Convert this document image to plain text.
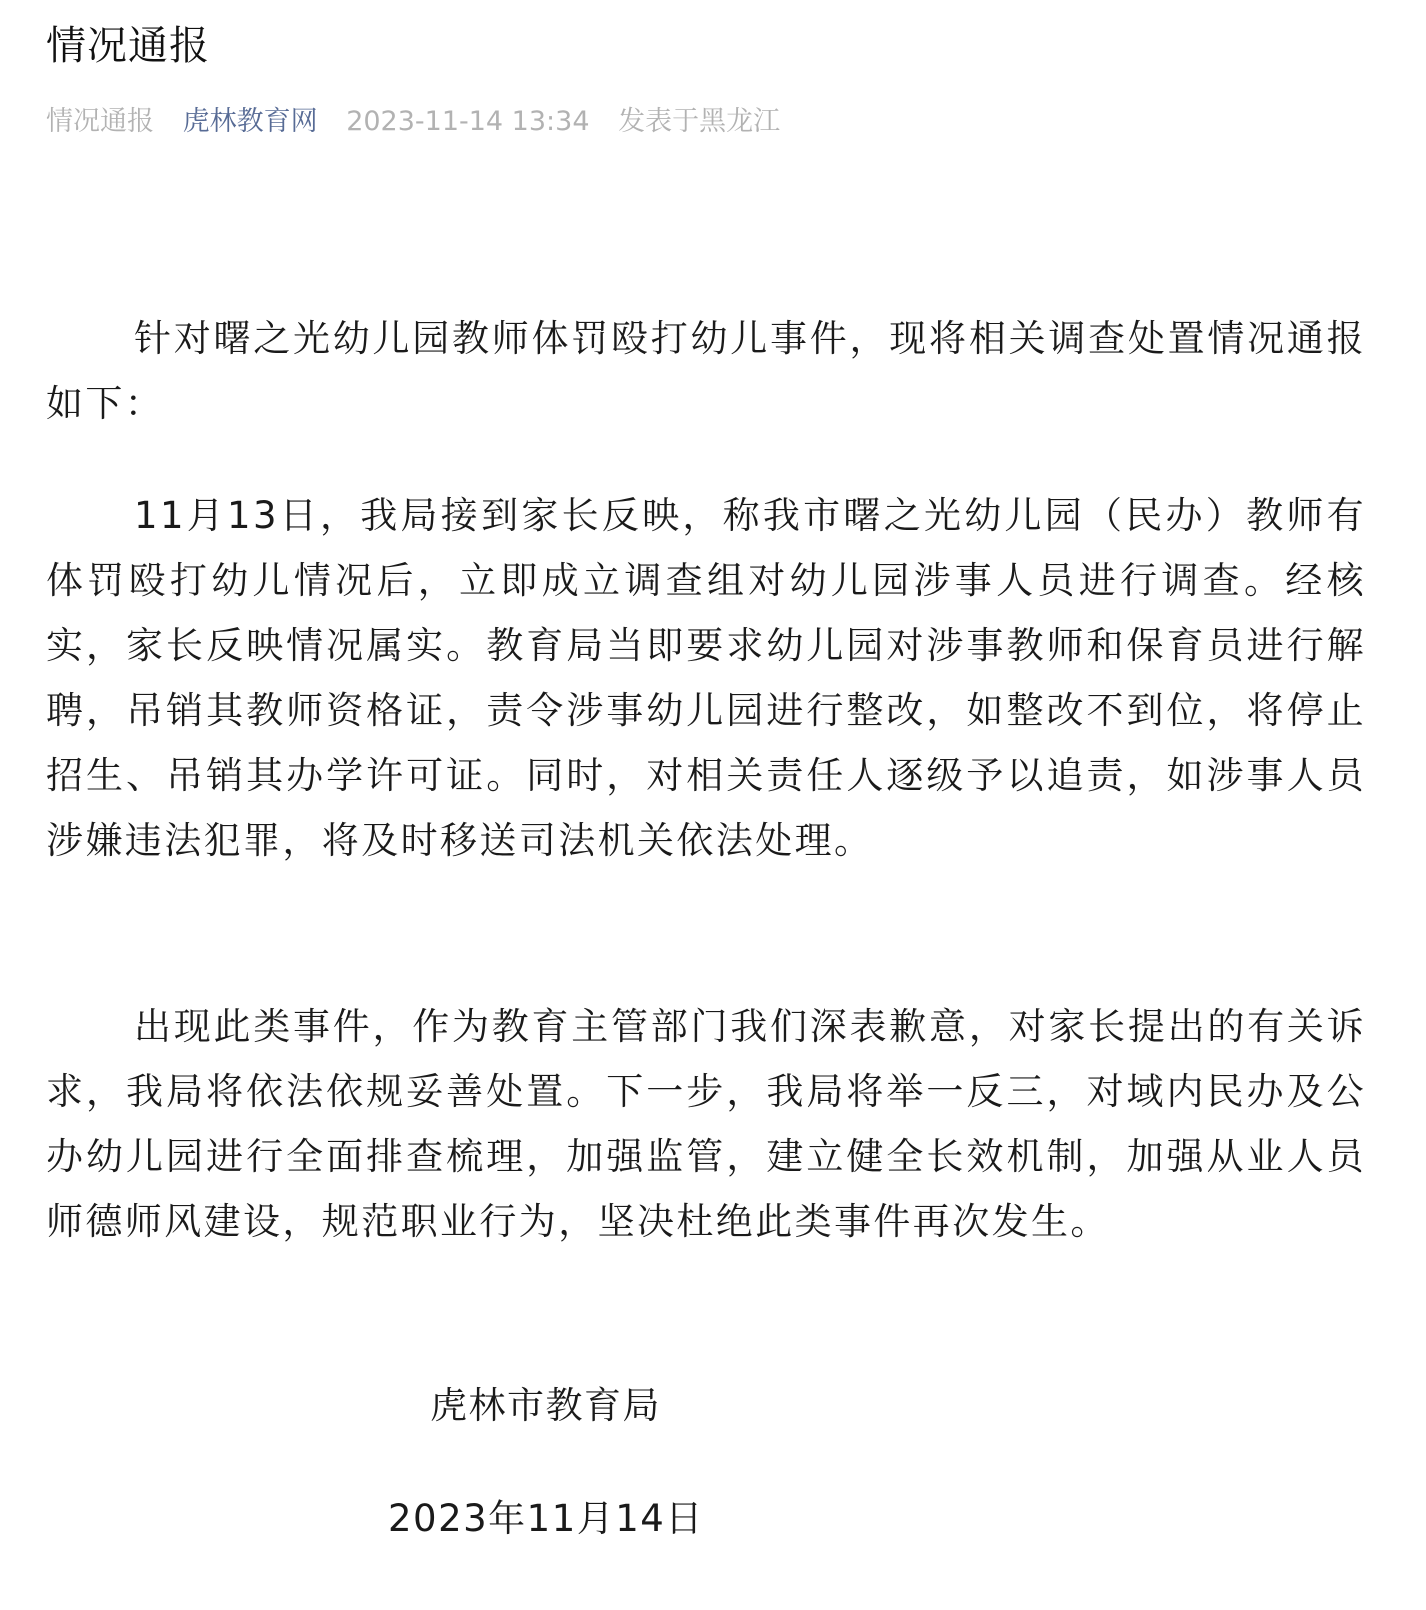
情况通报
情况通报 虎林教育网 2023-11-14 13:34 发表于黑龙江

针对曙之光幼儿园教师体罚殴打幼儿事件，现将相关调查处置情况通报如下：

11月13日，我局接到家长反映，称我市曙之光幼儿园（民办）教师有体罚殴打幼儿情况后，立即成立调查组对幼儿园涉事人员进行调查。经核实，家长反映情况属实。教育局当即要求幼儿园对涉事教师和保育员进行解聘，吊销其教师资格证，责令涉事幼儿园进行整改，如整改不到位，将停止招生、吊销其办学许可证。同时，对相关责任人逐级予以追责，如涉事人员涉嫌违法犯罪，将及时移送司法机关依法处理。

出现此类事件，作为教育主管部门我们深表歉意，对家长提出的有关诉求，我局将依法依规妥善处置。下一步，我局将举一反三，对域内民办及公办幼儿园进行全面排查梳理，加强监管，建立健全长效机制，加强从业人员师德师风建设，规范职业行为，坚决杜绝此类事件再次发生。

虎林市教育局
2023年11月14日
